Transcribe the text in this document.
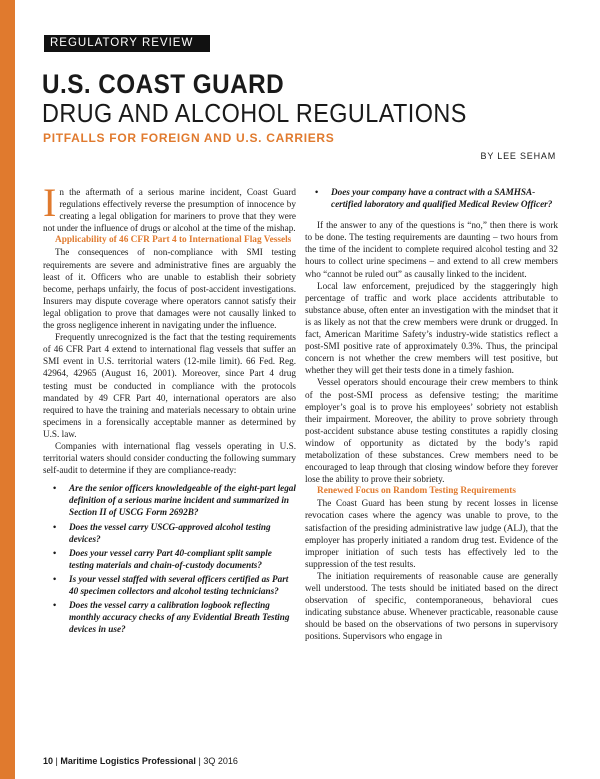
REGULATORY REVIEW
U.S. COAST GUARD
DRUG AND ALCOHOL REGULATIONS
PITFALLS FOR FOREIGN AND U.S. CARRIERS
BY LEE SEHAM

In the aftermath of a serious marine incident, Coast Guard regulations effectively reverse the presumption of innocence by creating a legal obligation for mariners to prove that they were not under the influence of drugs or alcohol at the time of the mishap.

Applicability of 46 CFR Part 4 to International Flag Vessels

The consequences of non-compliance with SMI testing requirements are severe and administrative fines are arguably the least of it. Officers who are unable to establish their sobriety become, perhaps unfairly, the focus of post-accident investigations. Insurers may dispute coverage where operators cannot satisfy their legal obligation to prove that damages were not causally linked to the gross negligence inherent in navigating under the influence.

Frequently unrecognized is the fact that the testing requirements of 46 CFR Part 4 extend to international flag vessels that suffer an SMI event in U.S. territorial waters (12-mile limit). 66 Fed. Reg. 42964, 42965 (August 16, 2001). Moreover, since Part 4 drug testing must be conducted in compliance with the protocols mandated by 49 CFR Part 40, international operators are also required to have the training and materials necessary to obtain urine specimens in a forensically acceptable manner as determined by U.S. law.

Companies with international flag vessels operating in U.S. territorial waters should consider conducting the following summary self-audit to determine if they are compliance-ready:

• Are the senior officers knowledgeable of the eight-part legal definition of a serious marine incident and summarized in Section II of USCG Form 2692B?
• Does the vessel carry USCG-approved alcohol testing devices?
• Does your vessel carry Part 40-compliant split sample testing materials and chain-of-custody documents?
• Is your vessel staffed with several officers certified as Part 40 specimen collectors and alcohol testing technicians?
• Does the vessel carry a calibration logbook reflecting monthly accuracy checks of any Evidential Breath Testing devices in use?
• Does your company have a contract with a SAMHSA-certified laboratory and qualified Medical Review Officer?

If the answer to any of the questions is “no,” then there is work to be done. The testing requirements are daunting – two hours from the time of the incident to complete required alcohol testing and 32 hours to collect urine specimens – and extend to all crew members who “cannot be ruled out” as causally linked to the incident.

Local law enforcement, prejudiced by the staggeringly high percentage of traffic and work place accidents attributable to substance abuse, often enter an investigation with the mindset that it is as likely as not that the crew members were drunk or drugged. In fact, American Maritime Safety’s industry-wide statistics reflect a post-SMI positive rate of approximately 0.3%. Thus, the principal concern is not whether the crew members will test positive, but whether they will get their tests done in a timely fashion.

Vessel operators should encourage their crew members to think of the post-SMI process as defensive testing; the maritime employer’s goal is to prove his employees’ sobriety not establish their impairment. Moreover, the ability to prove sobriety through post-accident substance abuse testing constitutes a rapidly closing window of opportunity as dictated by the body’s rapid metabolization of these substances. Crew members need to be encouraged to leap through that closing window before they forever lose the ability to prove their sobriety.

Renewed Focus on Random Testing Requirements

The Coast Guard has been stung by recent losses in license revocation cases where the agency was unable to prove, to the satisfaction of the presiding administrative law judge (ALJ), that the employer has properly initiated a random drug test. Evidence of the improper initiation of such tests has effectively led to the suppression of the test results.

The initiation requirements of reasonable cause are generally well understood. The tests should be initiated based on the direct observation of specific, contemporaneous, behavioral cues indicating substance abuse. Whenever practicable, reasonable cause should be based on the observations of two persons in supervisory positions. Supervisors who engage in

10 | Maritime Logistics Professional | 3Q 2016
